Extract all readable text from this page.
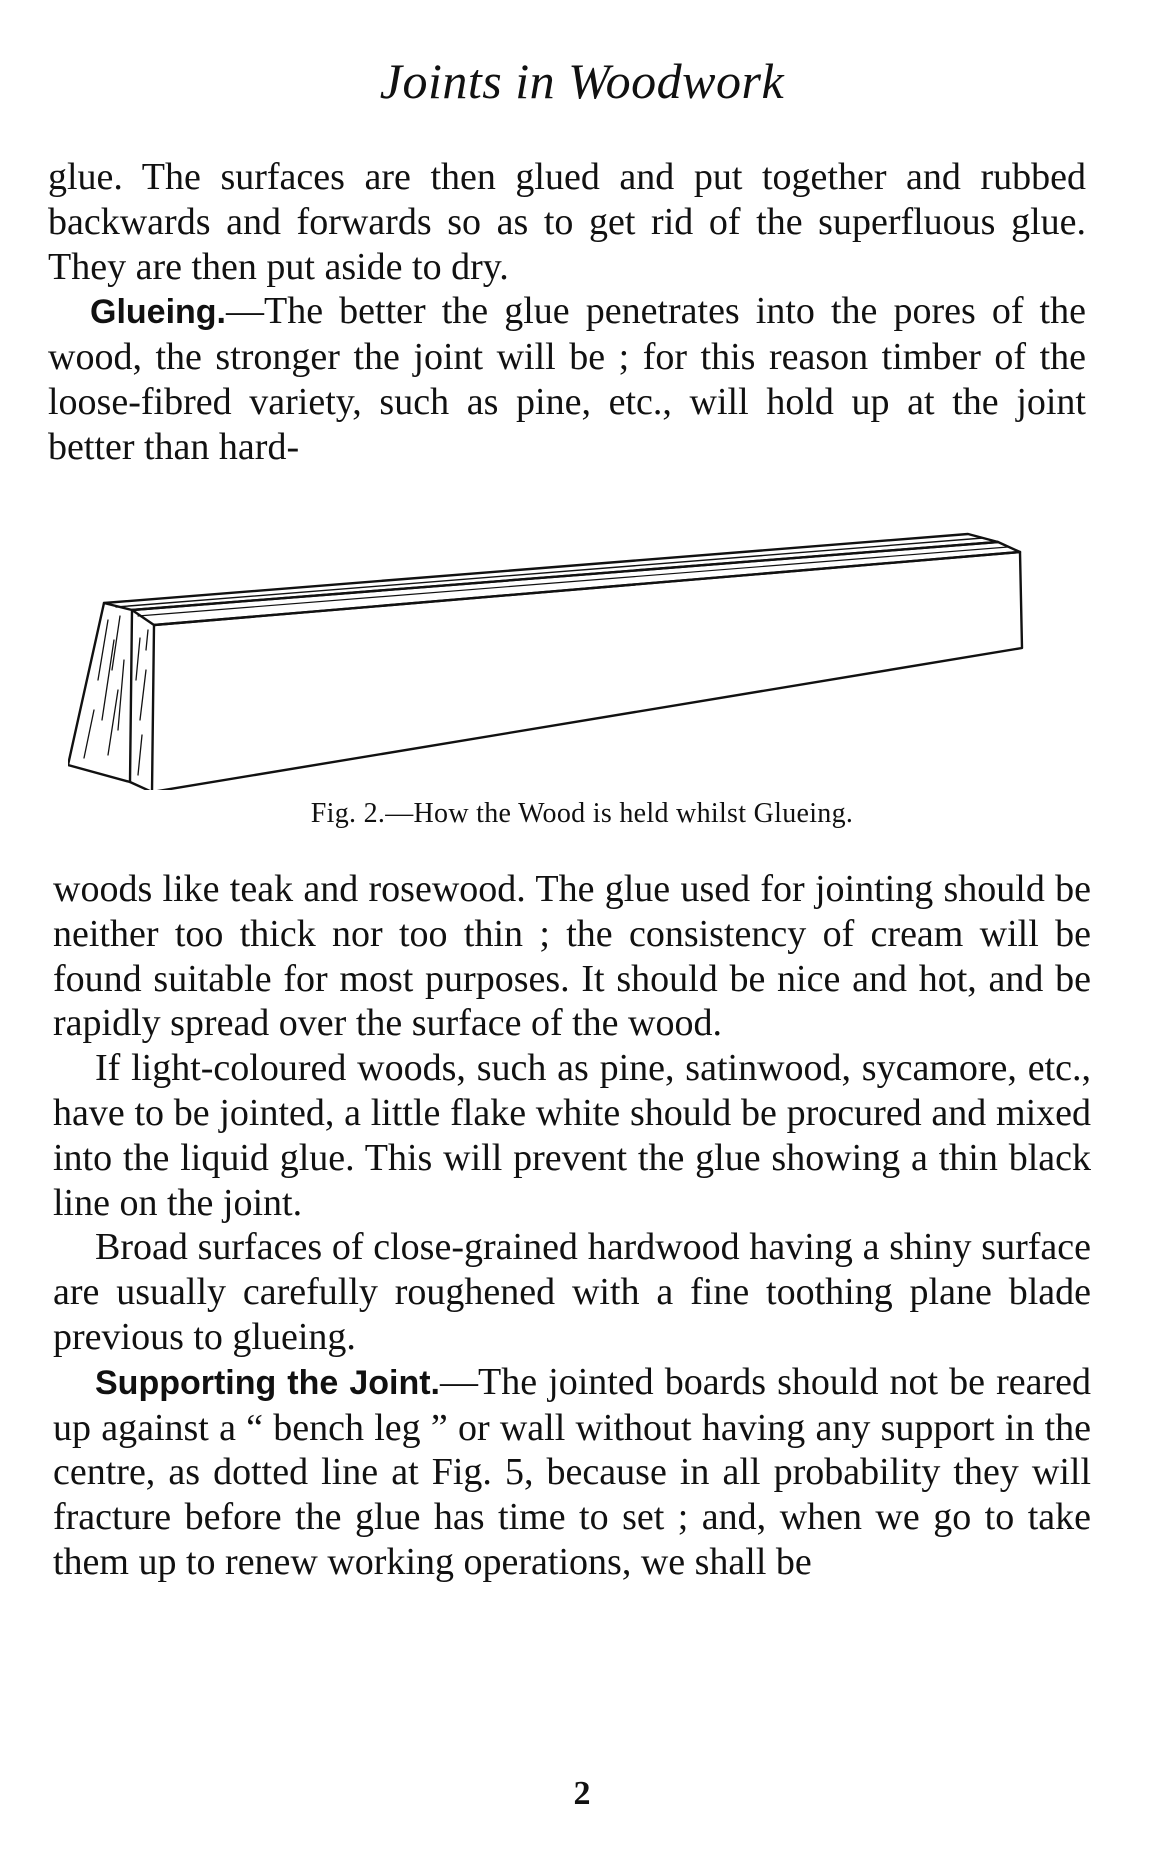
Joints in Woodwork

glue. The surfaces are then glued and put together and rubbed backwards and forwards so as to get rid of the superfluous glue. They are then put aside to dry.

Glueing.—The better the glue penetrates into the pores of the wood, the stronger the joint will be ; for this reason timber of the loose-fibred variety, such as pine, etc., will hold up at the joint better than hard-

Fig. 2.—How the Wood is held whilst Glueing.

woods like teak and rosewood. The glue used for jointing should be neither too thick nor too thin ; the consistency of cream will be found suitable for most purposes. It should be nice and hot, and be rapidly spread over the surface of the wood.

If light-coloured woods, such as pine, satinwood, sycamore, etc., have to be jointed, a little flake white should be procured and mixed into the liquid glue. This will prevent the glue showing a thin black line on the joint.

Broad surfaces of close-grained hardwood having a shiny surface are usually carefully roughened with a fine toothing plane blade previous to glueing.

Supporting the Joint.—The jointed boards should not be reared up against a “ bench leg ” or wall without having any support in the centre, as dotted line at Fig. 5, because in all probability they will fracture before the glue has time to set ; and, when we go to take them up to renew working operations, we shall be

2
